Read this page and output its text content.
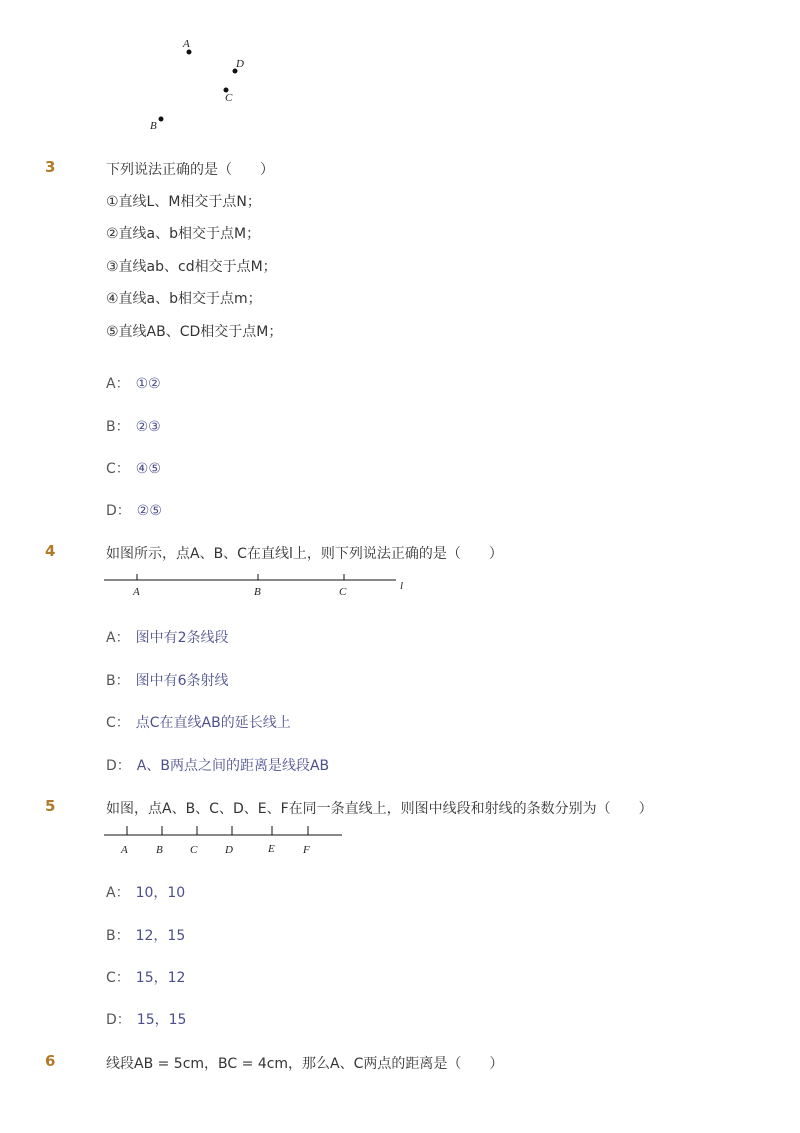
A
D
C
B
3	下列说法正确的是（　　）
①直线L、M相交于点N；
②直线a、b相交于点M；
③直线ab、cd相交于点M；
④直线a、b相交于点m；
⑤直线AB、CD相交于点M；
A： ①②
B： ②③
C： ④⑤
D： ②⑤
4	如图所示，点A、B、C在直线l上，则下列说法正确的是（　　）
A	B	C	l
A： 图中有2条线段
B： 图中有6条射线
C： 点C在直线AB的延长线上
D： A、B两点之间的距离是线段AB
5	如图，点A、B、C、D、E、F在同一条直线上，则图中线段和射线的条数分别为（　　）
A	B C	D	E	F
A： 10，10
B： 12，15
C： 15，12
D： 15，15
6	线段AB = 5cm，BC = 4cm，那么A、C两点的距离是（　　）
